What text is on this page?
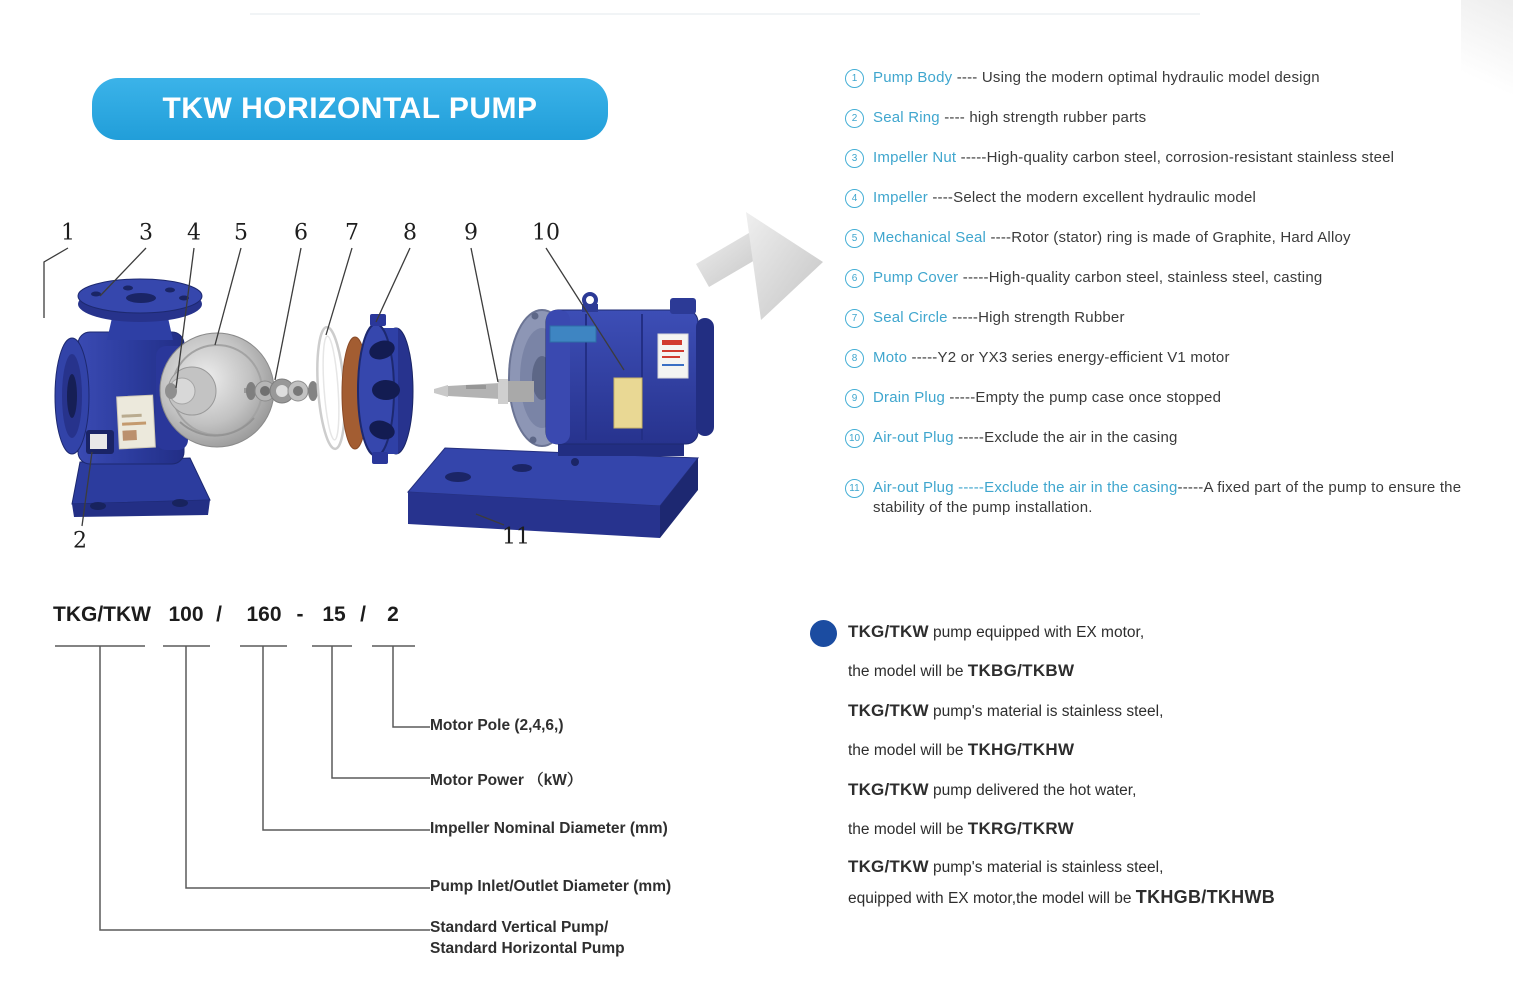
TKW HORIZONTAL PUMP
1	3 4 5 6 7 8 9 10
2	11
1	Pump Body ---- Using the modern optimal hydraulic model design
2	Seal Ring ---- high strength rubber parts
3	Impeller Nut -----High-quality carbon steel, corrosion-resistant stainless steel
4	Impeller ----Select the modern excellent hydraulic model
5	Mechanical Seal ----Rotor (stator) ring is made of Graphite, Hard Alloy
6	Pump Cover -----High-quality carbon steel, stainless steel, casting
7	Seal Circle -----High strength Rubber
8	Moto -----Y2 or YX3 series energy-efficient V1 motor
9	Drain Plug -----Empty the pump case once stopped
10 Air-out Plug -----Exclude the air in the casing
11 Air-out Plug -----Exclude the air in the casing-----A fixed part of the pump to ensure the stability of the pump installation.
TKG/TKW 100 /	160 - 15 /	2
Motor Pole (2,4,6,)
Motor Power （kW）
Impeller Nominal Diameter (mm)
Pump Inlet/Outlet Diameter (mm)
Standard Vertical Pump/
Standard Horizontal Pump
TKG/TKW pump equipped with EX motor,
the model will be TKBG/TKBW
TKG/TKW pump's material is stainless steel,
the model will be TKHG/TKHW
TKG/TKW pump delivered the hot water,
the model will be TKRG/TKRW
TKG/TKW pump's material is stainless steel,
equipped with EX motor,the model will be TKHGB/TKHWB
